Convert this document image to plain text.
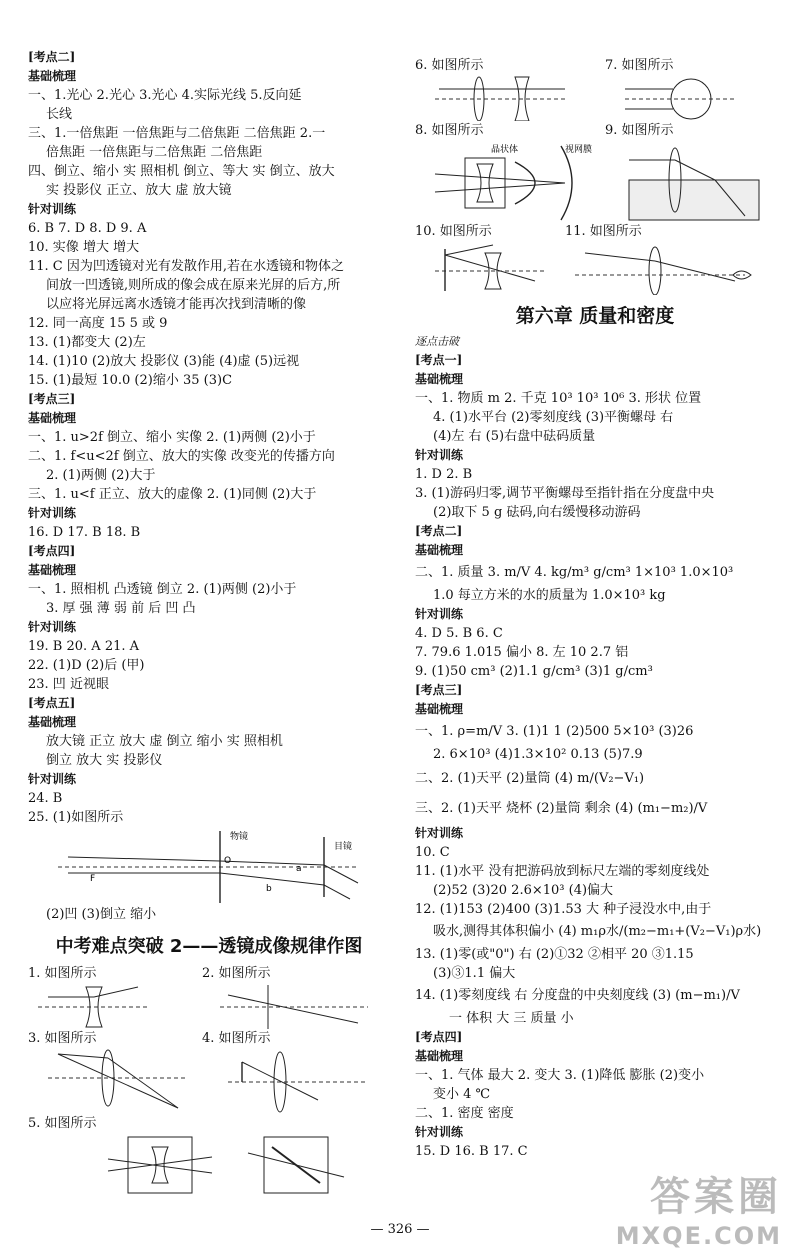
[考点二]
基础梳理
一、1.光心 2.光心 3.光心 4.实际光线 5.反向延
长线
三、1.一倍焦距 一倍焦距与二倍焦距 二倍焦距 2.一
倍焦距 一倍焦距与二倍焦距 二倍焦距
四、倒立、缩小 实 照相机 倒立、等大 实 倒立、放大
实 投影仪 正立、放大 虚 放大镜
针对训练
6. B 7. D 8. D 9. A
10. 实像 增大 增大
11. C 因为凹透镜对光有发散作用,若在水透镜和物体之
间放一凹透镜,则所成的像会成在原来光屏的后方,所
以应将光屏远离水透镜才能再次找到清晰的像
12. 同一高度 15 5 或 9
13. (1)都变大 (2)左
14. (1)10 (2)放大 投影仪 (3)能 (4)虚 (5)远视
15. (1)最短 10.0 (2)缩小 35 (3)C
[考点三]
基础梳理
一、1. u>2f 倒立、缩小 实像 2. (1)两侧 (2)小于
二、1. f<u<2f 倒立、放大的实像 改变光的传播方向
2. (1)两侧 (2)大于
三、1. u<f 正立、放大的虚像 2. (1)同侧 (2)大于
针对训练
16. D 17. B 18. B
[考点四]
基础梳理
一、1. 照相机 凸透镜 倒立 2. (1)两侧 (2)小于
3. 厚 强 薄 弱 前 后 凹 凸
针对训练
19. B 20. A 21. A
22. (1)D (2)后 (甲)
23. 凹 近视眼
[考点五]
基础梳理
放大镜 正立 放大 虚 倒立 缩小 实 照相机
倒立 放大 实 投影仪
针对训练
24. B
25. (1)如图所示
物镜
目镜
O
F
a
b
(2)凹 (3)倒立 缩小
中考难点突破 2——透镜成像规律作图
1. 如图所示	2. 如图所示
3. 如图所示	4. 如图所示
5. 如图所示
6. 如图所示	7. 如图所示
8. 如图所示	9. 如图所示
晶状体	视网膜
10. 如图所示	11. 如图所示
第六章 质量和密度
逐点击破
[考点一]
基础梳理
一、1. 物质 m 2. 千克 10³ 10³ 10⁶ 3. 形状 位置
4. (1)水平台 (2)零刻度线 (3)平衡螺母 右
(4)左 右 (5)右盘中砝码质量
针对训练
1. D 2. B
3. (1)游码归零,调节平衡螺母至指针指在分度盘中央
(2)取下 5 g 砝码,向右缓慢移动游码
[考点二]
基础梳理
二、1. 质量 3. m/V 4. kg/m³ g/cm³ 1×10³ 1.0×10³
1.0 每立方米的水的质量为 1.0×10³ kg
针对训练
4. D 5. B 6. C
7. 79.6 1.015 偏小 8. 左 10 2.7 铝
9. (1)50 cm³ (2)1.1 g/cm³ (3)1 g/cm³
[考点三]
基础梳理
一、1. ρ=m/V 3. (1)1 1 (2)500 5×10³ (3)26
2. 6×10³ (4)1.3×10² 0.13 (5)7.9
二、2. (1)天平 (2)量筒 (4) m/(V₂−V₁)
三、2. (1)天平 烧杯 (2)量筒 剩余 (4) (m₁−m₂)/V
针对训练
10. C
11. (1)水平 没有把游码放到标尺左端的零刻度线处
(2)52 (3)20 2.6×10³ (4)偏大
12. (1)153 (2)400 (3)1.53 大 种子浸没水中,由于
吸水,测得其体积偏小 (4) m₁ρ水/(m₂−m₁+(V₂−V₁)ρ水)
13. (1)零(或"0") 右 (2)①32 ②相平 20 ③1.15
(3)③1.1 偏大
14. (1)零刻度线 右 分度盘的中央刻度线 (3) (m−m₁)/V
一 体积 大 三 质量 小
[考点四]
基础梳理
一、1. 气体 最大 2. 变大 3. (1)降低 膨胀 (2)变小
变小 4 ℃
二、1. 密度 密度
针对训练
15. D 16. B 17. C
— 326 —
答案圈
MXQE.COM
